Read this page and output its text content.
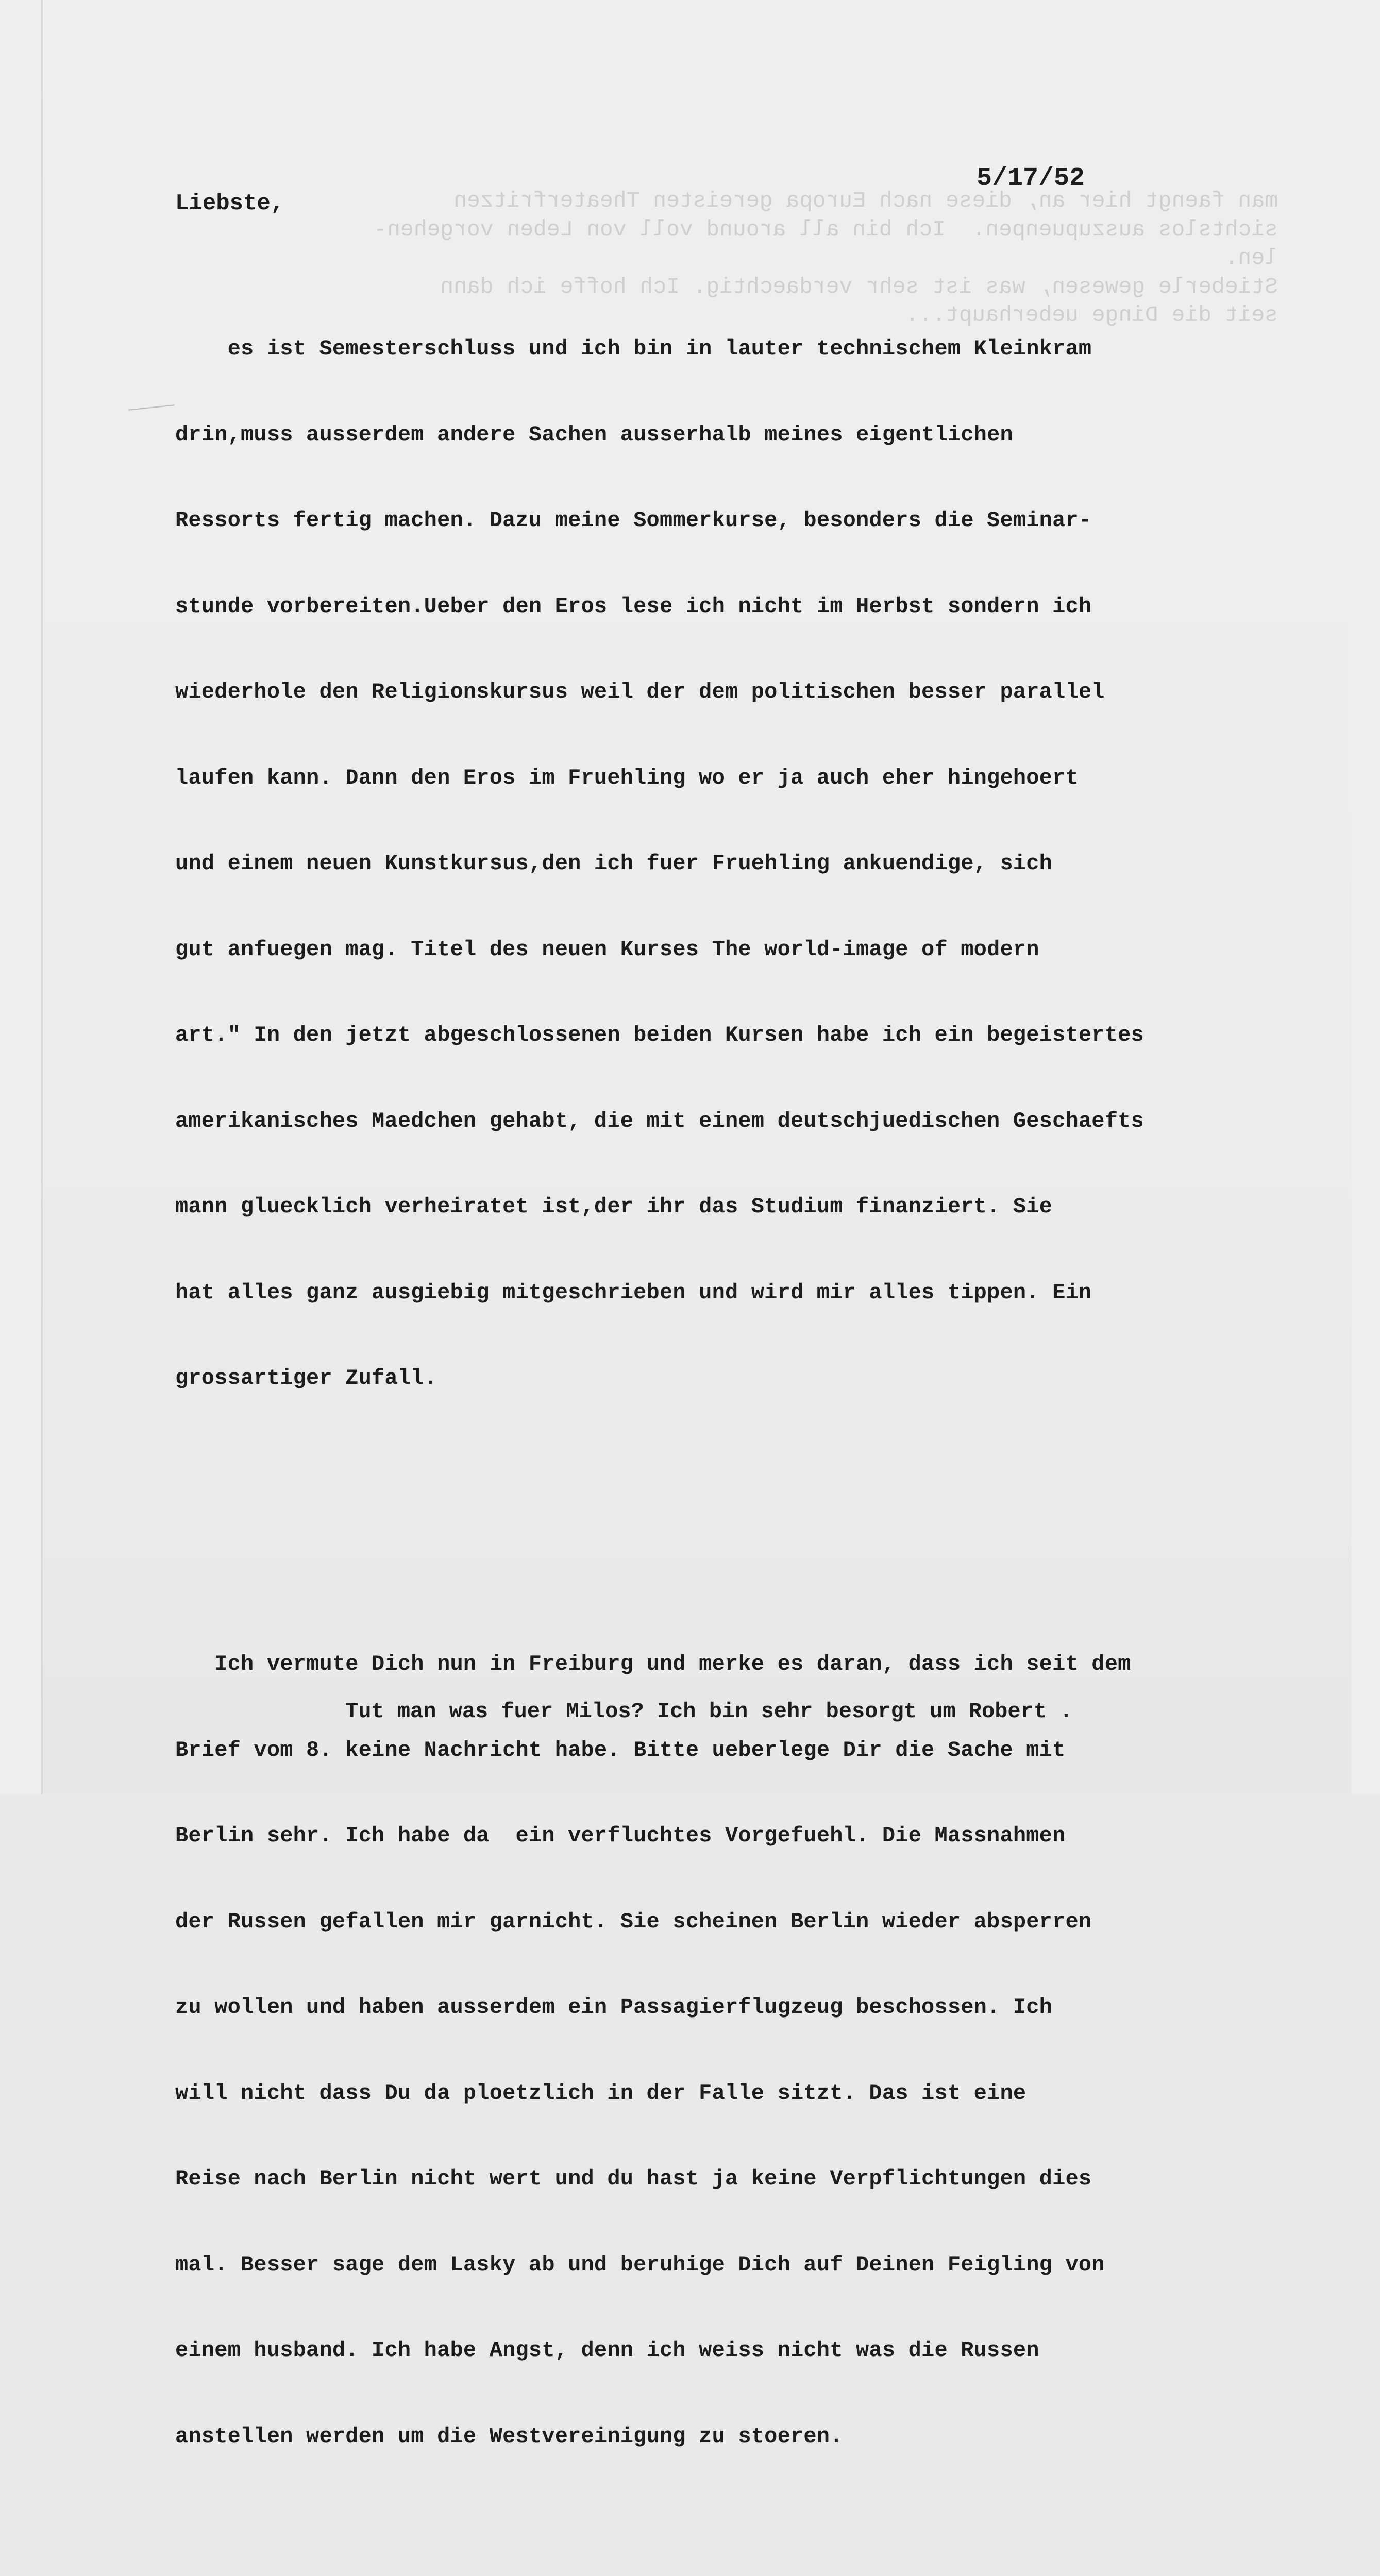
man faengt hier an, diese nach Europa gereisten Theaterfritzen
sichtslos auszupuenpen.  Ich bin all around voll von Leben vorgehen-
len.
Stieberle gewesen, was ist sehr verdaechtig. Ich hoffe ich dann
seit die Dinge ueberhaupt...
5/17/52
Liebste,

es ist Semesterschluss und ich bin in lauter technischem Kleinkram

drin,muss ausserdem andere Sachen ausserhalb meines eigentlichen

Ressorts fertig machen. Dazu meine Sommerkurse, besonders die Seminar-

stunde vorbereiten.Ueber den Eros lese ich nicht im Herbst sondern ich

wiederhole den Religionskursus weil der dem politischen besser parallel

laufen kann. Dann den Eros im Fruehling wo er ja auch eher hingehoert

und einem neuen Kunstkursus,den ich fuer Fruehling ankuendige, sich

gut anfuegen mag. Titel des neuen Kurses The world-image of modern

art." In den jetzt abgeschlossenen beiden Kursen habe ich ein begeistertes

amerikanisches Maedchen gehabt, die mit einem deutschjuedischen Geschaefts

mann gluecklich verheiratet ist,der ihr das Studium finanziert. Sie

hat alles ganz ausgiebig mitgeschrieben und wird mir alles tippen. Ein

grossartiger Zufall.

Ich vermute Dich nun in Freiburg und merke es daran, dass ich seit dem

Brief vom 8. keine Nachricht habe. Bitte ueberlege Dir die Sache mit

Berlin sehr. Ich habe da  ein verfluchtes Vorgefuehl. Die Massnahmen

der Russen gefallen mir garnicht. Sie scheinen Berlin wieder absperren

zu wollen und haben ausserdem ein Passagierflugzeug beschossen. Ich

will nicht dass Du da ploetzlich in der Falle sitzt. Das ist eine

Reise nach Berlin nicht wert und du hast ja keine Verpflichtungen dies

mal. Besser sage dem Lasky ab und beruhige Dich auf Deinen Feigling von

einem husband. Ich habe Angst, denn ich weiss nicht was die Russen

anstellen werden um die Westvereinigung zu stoeren.

Tut man was fuer Milos? Ich bin sehr besorgt um Robert .
